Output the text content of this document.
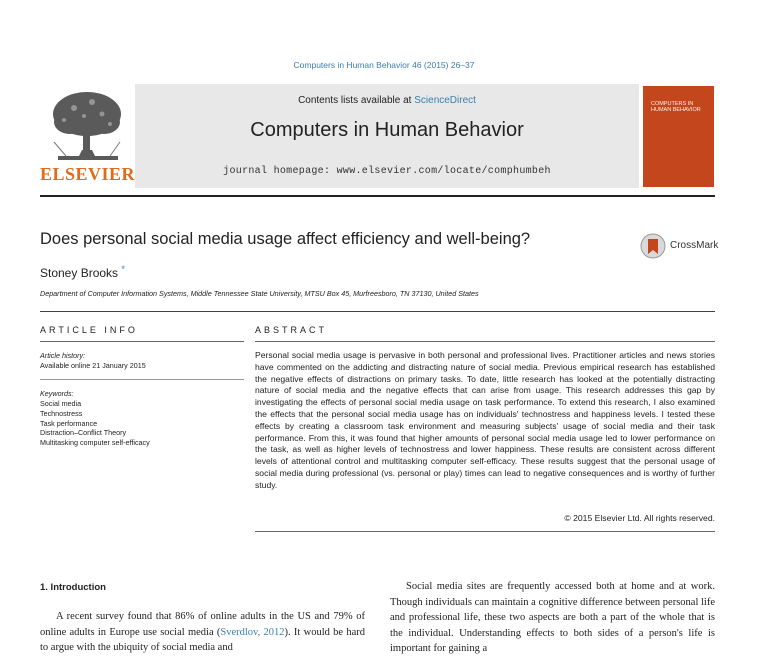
Computers in Human Behavior 46 (2015) 26–37
ELSEVIER
Contents lists available at ScienceDirect
Computers in Human Behavior
journal homepage: www.elsevier.com/locate/comphumbeh
COMPUTERS IN HUMAN BEHAVIOR
Does personal social media usage affect efficiency and well-being?	CrossMark
Stoney Brooks *
Department of Computer Information Systems, Middle Tennessee State University, MTSU Box 45, Murfreesboro, TN 37130, United States
ARTICLE INFO	ABSTRACT
Article history:
Available online 21 January 2015
Keywords:
Social media
Technostress
Task performance
Distraction–Conflict Theory
Multitasking computer self-efficacy
Personal social media usage is pervasive in both personal and professional lives. Practitioner articles and news stories have commented on the addicting and distracting nature of social media. Previous empirical research has established the negative effects of distractions on primary tasks. To date, little research has looked at the potentially distracting nature of social media and the negative effects that can arise from usage. This research addresses this gap by investigating the effects of personal social media usage on task performance. To extend this research, I also examined the effects that the personal social media usage has on individuals' technostress and happiness levels. I tested these effects by creating a classroom task environment and measuring subjects' usage of social media and their task performance. From this, it was found that higher amounts of personal social media usage led to lower performance on the task, as well as higher levels of technostress and lower happiness. These results are consistent across different levels of attentional control and multitasking computer self-efficacy. These results suggest that the personal usage of social media during professional (vs. personal or play) times can lead to negative consequences and is worthy of further study.
© 2015 Elsevier Ltd. All rights reserved.
1. Introduction
A recent survey found that 86% of online adults in the US and 79% of online adults in Europe use social media (Sverdlov, 2012). It would be hard to argue with the ubiquity of social media and
Social media sites are frequently accessed both at home and at work. Though individuals can maintain a cognitive difference between personal life and professional life, these two aspects are both a part of the whole that is the individual. Understanding effects to both sides of a person's life is important for gaining a
